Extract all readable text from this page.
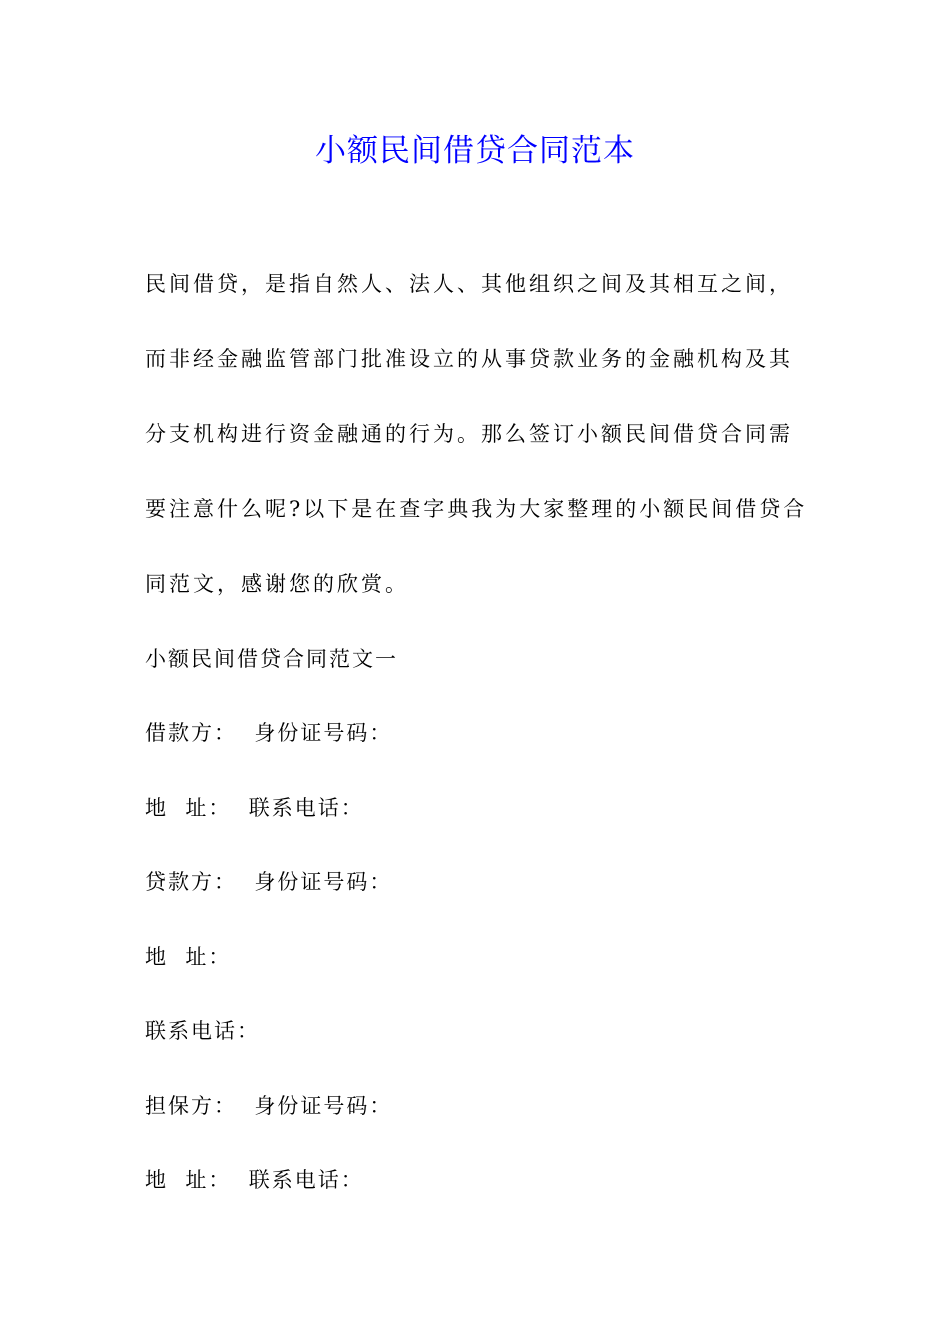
小额民间借贷合同范本
民间借贷，是指自然人、法人、其他组织之间及其相互之间，
而非经金融监管部门批准设立的从事贷款业务的金融机构及其
分支机构进行资金融通的行为。那么签订小额民间借贷合同需
要注意什么呢?以下是在查字典我为大家整理的小额民间借贷合
同范文，感谢您的欣赏。
小额民间借贷合同范文一
借款方：  身份证号码：
地  址：  联系电话：
贷款方：  身份证号码：
地  址：
联系电话：
担保方：  身份证号码：
地  址：  联系电话：
